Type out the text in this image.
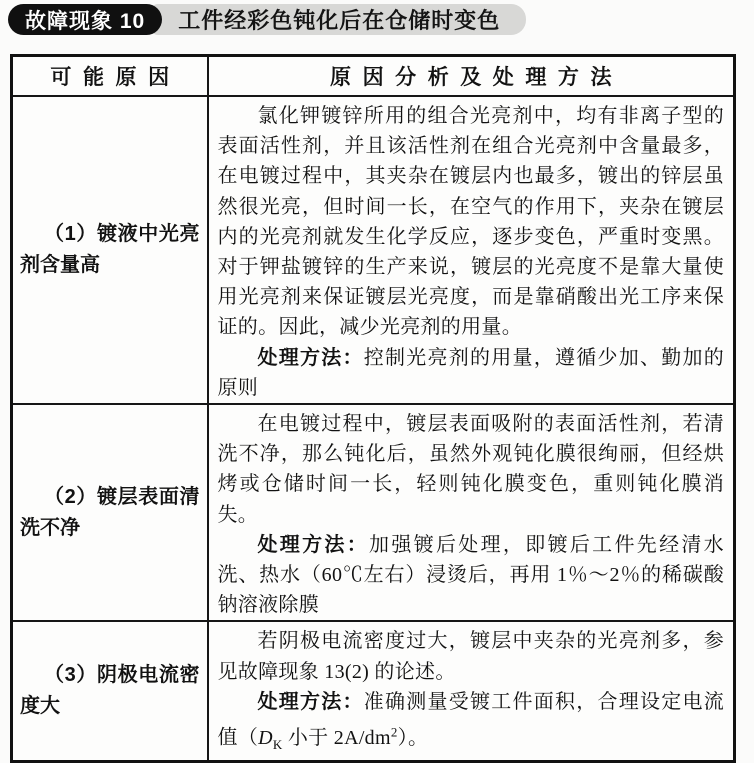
故障现象 10	工件经彩色钝化后在仓储时变色
可能原因	原因分析及处理方法

（1）镀液中光亮剂含量高	氯化钾镀锌所用的组合光亮剂中，均有非离子型的表面活性剂，并且该活性剂在组合光亮剂中含量最多，在电镀过程中，其夹杂在镀层内也最多，镀出的锌层虽然很光亮，但时间一长，在空气的作用下，夹杂在镀层内的光亮剂就发生化学反应，逐步变色，严重时变黑。对于钾盐镀锌的生产来说，镀层的光亮度不是靠大量使用光亮剂来保证镀层光亮度，而是靠硝酸出光工序来保证的。因此，减少光亮剂的用量。

处理方法：控制光亮剂的用量，遵循少加、勤加的原则

（2）镀层表面清洗不净	在电镀过程中，镀层表面吸附的表面活性剂，若清洗不净，那么钝化后，虽然外观钝化膜很绚丽，但经烘烤或仓储时间一长，轻则钝化膜变色，重则钝化膜消失。

处理方法：加强镀后处理，即镀后工件先经清水洗、热水（60℃左右）浸烫后，再用 1％～2％的稀碳酸钠溶液除膜

（3）阴极电流密度大	若阴极电流密度过大，镀层中夹杂的光亮剂多，参见故障现象 13(2) 的论述。

处理方法：准确测量受镀工件面积，合理设定电流值（$D_K$ 小于 $2A/dm^2$）。
